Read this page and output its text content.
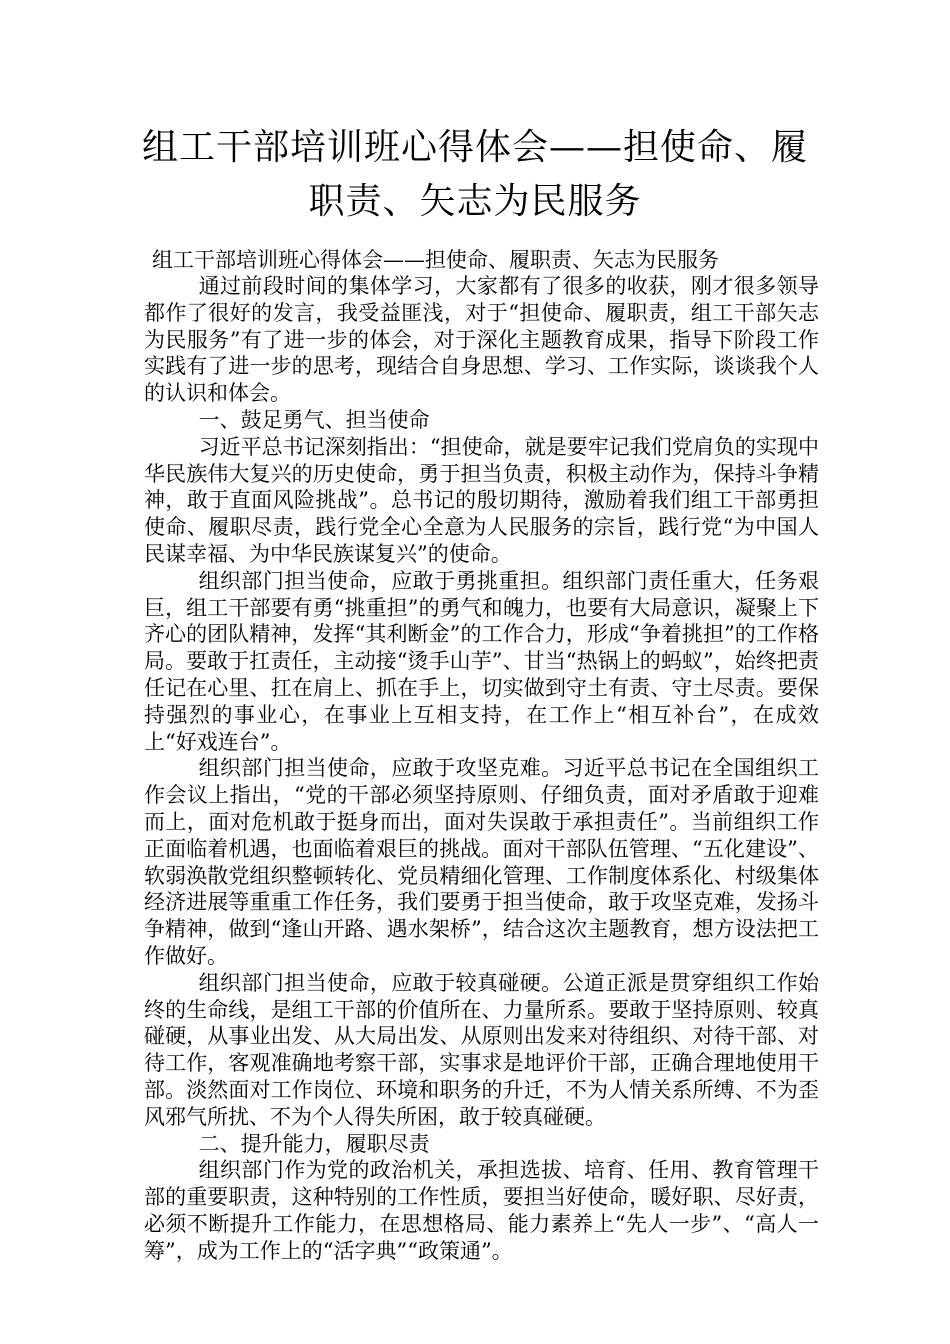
组工干部培训班心得体会——担使命、履
职责、矢志为民服务
组工干部培训班心得体会——担使命、履职责、矢志为民服务

通过前段时间的集体学习，大家都有了很多的收获，刚才很多领导都作了很好的发言，我受益匪浅，对于“担使命、履职责，组工干部矢志为民服务”有了进一步的体会，对于深化主题教育成果，指导下阶段工作实践有了进一步的思考，现结合自身思想、学习、工作实际，谈谈我个人的认识和体会。

一、鼓足勇气、担当使命

习近平总书记深刻指出：“担使命，就是要牢记我们党肩负的实现中华民族伟大复兴的历史使命，勇于担当负责，积极主动作为，保持斗争精神，敢于直面风险挑战”。总书记的殷切期待，激励着我们组工干部勇担使命、履职尽责，践行党全心全意为人民服务的宗旨，践行党“为中国人民谋幸福、为中华民族谋复兴”的使命。

组织部门担当使命，应敢于勇挑重担。组织部门责任重大，任务艰巨，组工干部要有勇“挑重担”的勇气和魄力，也要有大局意识，凝聚上下齐心的团队精神，发挥“其利断金”的工作合力，形成“争着挑担”的工作格局。要敢于扛责任，主动接“烫手山芋”、甘当“热锅上的蚂蚁”，始终把责任记在心里、扛在肩上、抓在手上，切实做到守土有责、守土尽责。要保持强烈的事业心，在事业上互相支持，在工作上“相互补台”，在成效上“好戏连台”。

组织部门担当使命，应敢于攻坚克难。习近平总书记在全国组织工作会议上指出，“党的干部必须坚持原则、仔细负责，面对矛盾敢于迎难而上，面对危机敢于挺身而出，面对失误敢于承担责任”。当前组织工作正面临着机遇，也面临着艰巨的挑战。面对干部队伍管理、“五化建设”、软弱涣散党组织整顿转化、党员精细化管理、工作制度体系化、村级集体经济进展等重重工作任务，我们要勇于担当使命，敢于攻坚克难，发扬斗争精神，做到“逢山开路、遇水架桥”，结合这次主题教育，想方设法把工作做好。

组织部门担当使命，应敢于较真碰硬。公道正派是贯穿组织工作始终的生命线，是组工干部的价值所在、力量所系。要敢于坚持原则、较真碰硬，从事业出发、从大局出发、从原则出发来对待组织、对待干部、对待工作，客观准确地考察干部，实事求是地评价干部，正确合理地使用干部。淡然面对工作岗位、环境和职务的升迁，不为人情关系所缚、不为歪风邪气所扰、不为个人得失所困，敢于较真碰硬。

二、提升能力，履职尽责

组织部门作为党的政治机关，承担选拔、培育、任用、教育管理干部的重要职责，这种特别的工作性质，要担当好使命，暖好职、尽好责，必须不断提升工作能力，在思想格局、能力素养上“先人一步”、“高人一筹”，成为工作上的“活字典”“政策通”。
